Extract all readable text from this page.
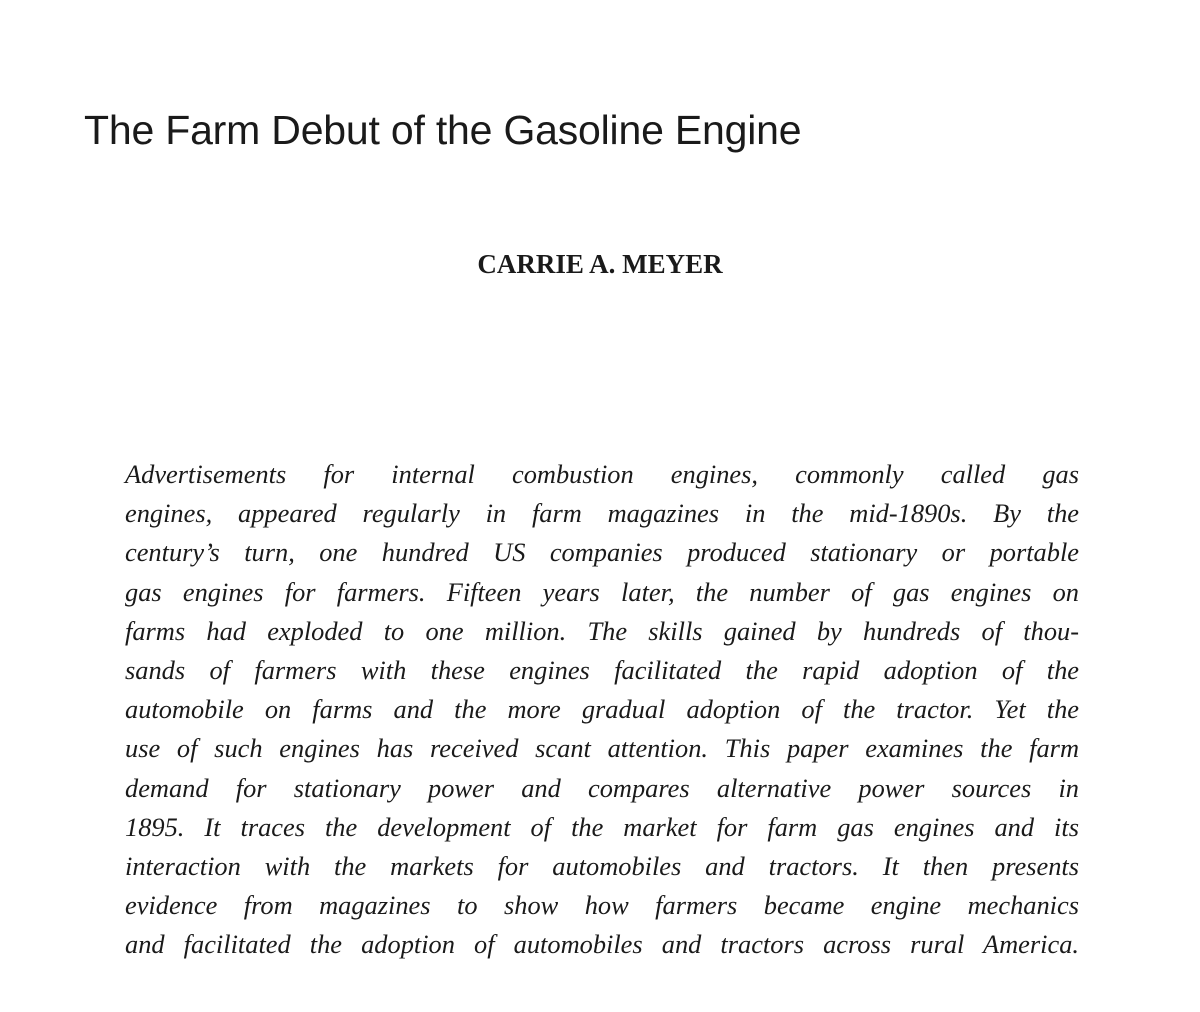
The Farm Debut of the Gasoline Engine
CARRIE A. MEYER
Advertisements for internal combustion engines, commonly called gas
engines, appeared regularly in farm magazines in the mid-1890s. By the
century’s turn, one hundred US companies produced stationary or portable
gas engines for farmers. Fifteen years later, the number of gas engines on
farms had exploded to one million. The skills gained by hundreds of thou-
sands of farmers with these engines facilitated the rapid adoption of the
automobile on farms and the more gradual adoption of the tractor. Yet the
use of such engines has received scant attention. This paper examines the farm
demand for stationary power and compares alternative power sources in
1895. It traces the development of the market for farm gas engines and its
interaction with the markets for automobiles and tractors. It then presents
evidence from magazines to show how farmers became engine mechanics
and facilitated the adoption of automobiles and tractors across rural America.
